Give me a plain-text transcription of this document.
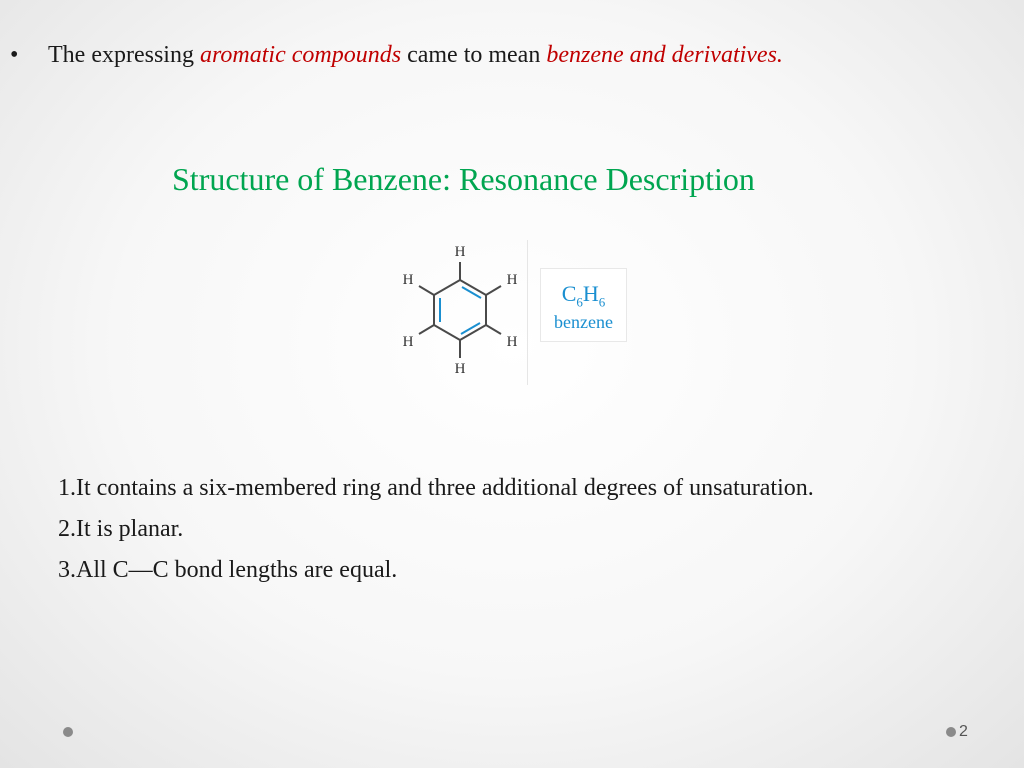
• The expressing aromatic compounds came to mean benzene and derivatives.
Structure of Benzene: Resonance Description
H
H
H
H
H
H
$C_6H_6$
benzene
1.It contains a six-membered ring and three additional degrees of unsaturation.
2.It is planar.
3.All C—C bond lengths are equal.
2
